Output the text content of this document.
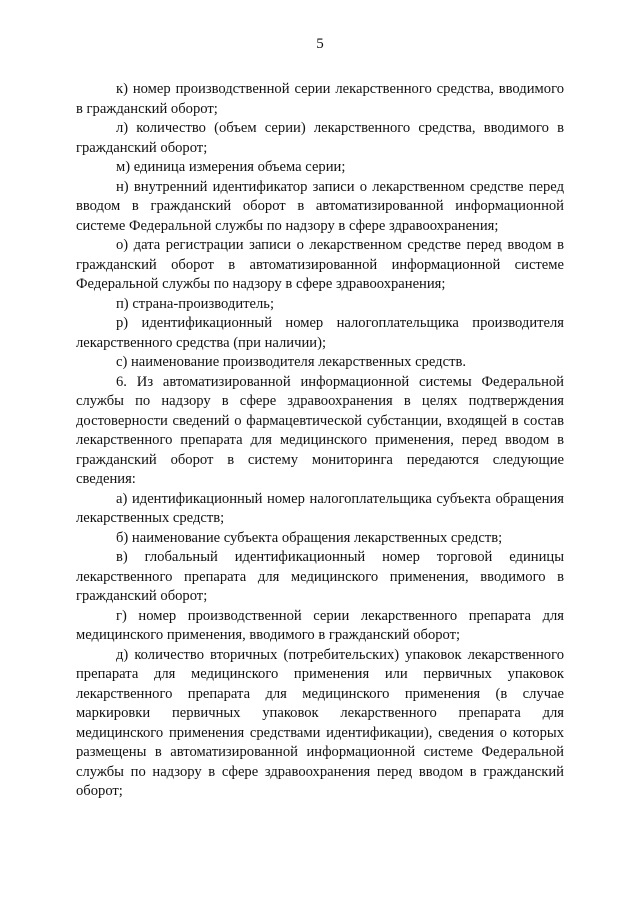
5

к) номер производственной серии лекарственного средства, вводимого в гражданский оборот;

л) количество (объем серии) лекарственного средства, вводимого в гражданский оборот;

м) единица измерения объема серии;

н) внутренний идентификатор записи о лекарственном средстве перед вводом в гражданский оборот в автоматизированной информационной системе Федеральной службы по надзору в сфере здравоохранения;

о) дата регистрации записи о лекарственном средстве перед вводом в гражданский оборот в автоматизированной информационной системе Федеральной службы по надзору в сфере здравоохранения;

п) страна-производитель;

р) идентификационный номер налогоплательщика производителя лекарственного средства (при наличии);

с) наименование производителя лекарственных средств.

6. Из автоматизированной информационной системы Федеральной службы по надзору в сфере здравоохранения в целях подтверждения достоверности сведений о фармацевтической субстанции, входящей в состав лекарственного препарата для медицинского применения, перед вводом в гражданский оборот в систему мониторинга передаются следующие сведения:

а) идентификационный номер налогоплательщика субъекта обращения лекарственных средств;

б) наименование субъекта обращения лекарственных средств;

в) глобальный идентификационный номер торговой единицы лекарственного препарата для медицинского применения, вводимого в гражданский оборот;

г) номер производственной серии лекарственного препарата для медицинского применения, вводимого в гражданский оборот;

д) количество вторичных (потребительских) упаковок лекарственного препарата для медицинского применения или первичных упаковок лекарственного препарата для медицинского применения (в случае маркировки первичных упаковок лекарственного препарата для медицинского применения средствами идентификации), сведения о которых размещены в автоматизированной информационной системе Федеральной службы по надзору в сфере здравоохранения перед вводом в гражданский оборот;
